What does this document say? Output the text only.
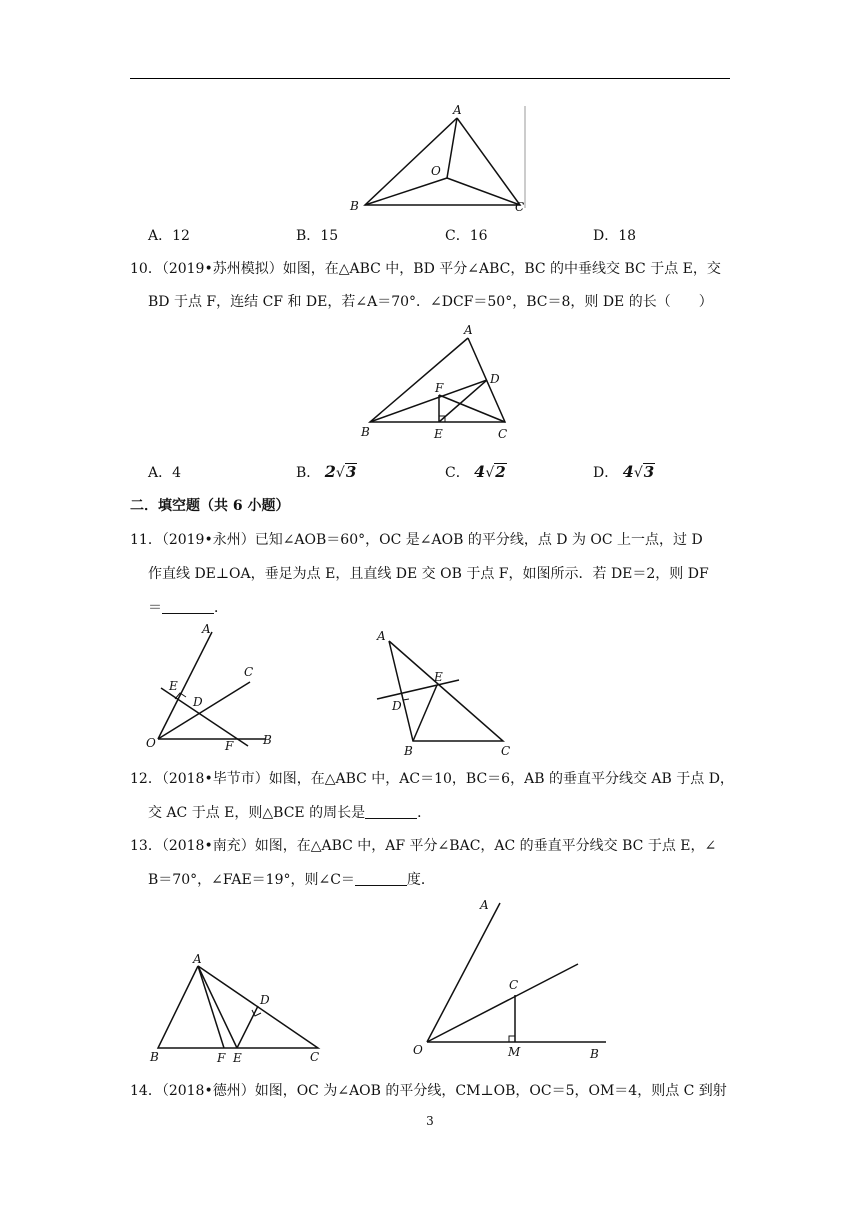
A
O
B	C
A．12	B．15	C．16	D．18
10．（2019•苏州模拟）如图，在△ABC 中，BD 平分∠ABC，BC 的中垂线交 BC 于点 E，交
BD 于点 F，连结 CF 和 DE，若∠A＝70°．∠DCF＝50°，BC＝8，则 DE 的长（　　）
A
D
F
B	E	C
A．4	B． 2√3	C． 4√2	D． 4√3
二．填空题（共 6 小题）
11．（2019•永州）已知∠AOB＝60°，OC 是∠AOB 的平分线，点 D 为 OC 上一点，过 D
作直线 DE⊥OA，垂足为点 E，且直线 DE 交 OB 于点 F，如图所示．若 DE＝2，则 DF
＝	．
A
C
E
D
O	F B
A
E
D
B	C
12．（2018•毕节市）如图，在△ABC 中，AC＝10，BC＝6，AB 的垂直平分线交 AB 于点 D，
交 AC 于点 E，则△BCE 的周长是	．
13．（2018•南充）如图，在△ABC 中，AF 平分∠BAC，AC 的垂直平分线交 BC 于点 E，∠
B＝70°，∠FAE＝19°，则∠C＝	度．
A
D
B	F E	C
A
C
O	M	B
14．（2018•德州）如图，OC 为∠AOB 的平分线，CM⊥OB，OC＝5，OM＝4，则点 C 到射
3
